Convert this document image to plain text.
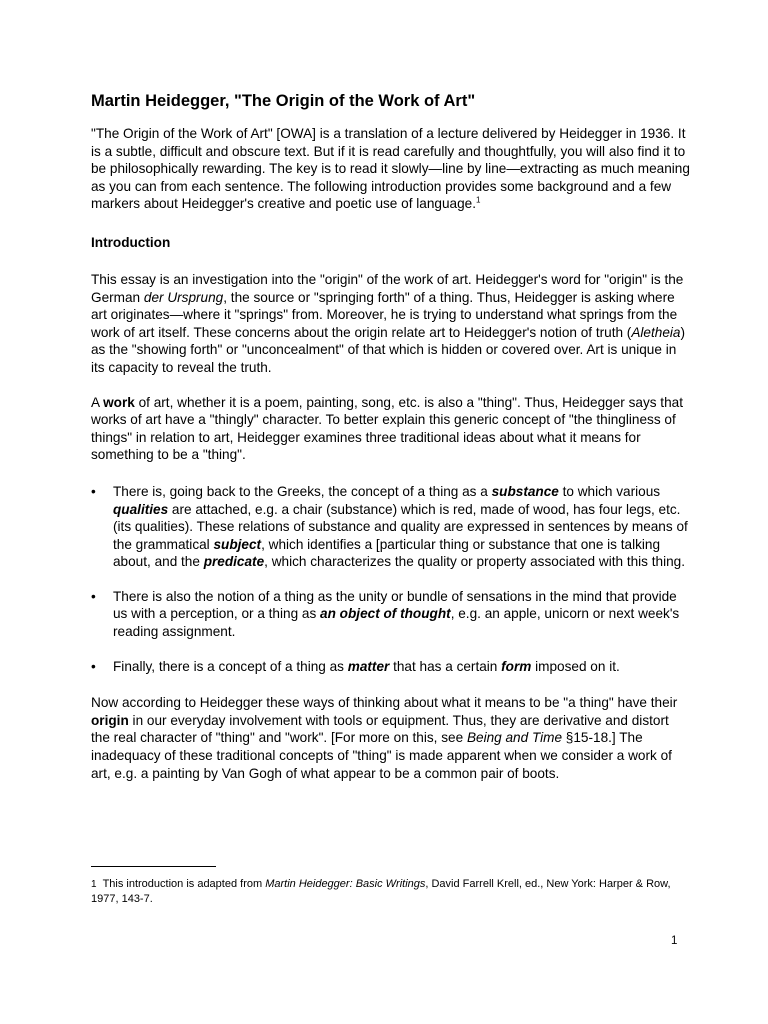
Martin Heidegger, "The Origin of the Work of Art"

"The Origin of the Work of Art" [OWA] is a translation of a lecture delivered by Heidegger in 1936. It is a subtle, difficult and obscure text. But if it is read carefully and thoughtfully, you will also find it to be philosophically rewarding. The key is to read it slowly—line by line—extracting as much meaning as you can from each sentence. The following introduction provides some background and a few markers about Heidegger's creative and poetic use of language.$^1$

Introduction

This essay is an investigation into the "origin" of the work of art. Heidegger's word for "origin" is the German der Ursprung, the source or "springing forth" of a thing. Thus, Heidegger is asking where art originates—where it "springs" from. Moreover, he is trying to understand what springs from the work of art itself. These concerns about the origin relate art to Heidegger's notion of truth (Aletheia) as the "showing forth" or "unconcealment" of that which is hidden or covered over. Art is unique in its capacity to reveal the truth.

A work of art, whether it is a poem, painting, song, etc. is also a "thing". Thus, Heidegger says that works of art have a "thingly" character. To better explain this generic concept of "the thingliness of things" in relation to art, Heidegger examines three traditional ideas about what it means for something to be a "thing".

• There is, going back to the Greeks, the concept of a thing as a substance to which various qualities are attached, e.g. a chair (substance) which is red, made of wood, has four legs, etc. (its qualities). These relations of substance and quality are expressed in sentences by means of the grammatical subject, which identifies a [particular thing or substance that one is talking about, and the predicate, which characterizes the quality or property associated with this thing.
• There is also the notion of a thing as the unity or bundle of sensations in the mind that provide us with a perception, or a thing as an object of thought, e.g. an apple, unicorn or next week's reading assignment.
• Finally, there is a concept of a thing as matter that has a certain form imposed on it.

Now according to Heidegger these ways of thinking about what it means to be "a thing" have their origin in our everyday involvement with tools or equipment. Thus, they are derivative and distort the real character of "thing" and "work". [For more on this, see Being and Time §15-18.] The inadequacy of these traditional concepts of "thing" is made apparent when we consider a work of art, e.g. a painting by Van Gogh of what appear to be a common pair of boots.

1 This introduction is adapted from Martin Heidegger: Basic Writings, David Farrell Krell, ed., New York: Harper & Row, 1977, 143-7.
1
